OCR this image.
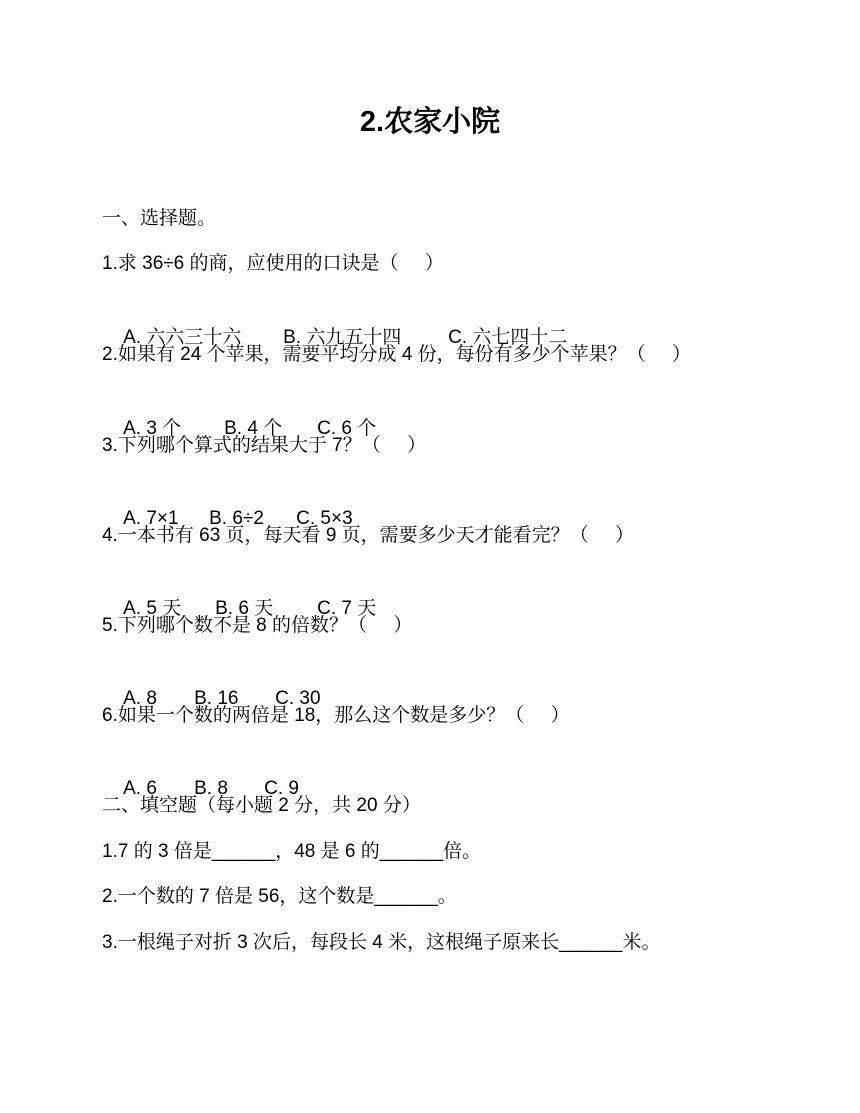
2.农家小院
一、选择题。
1.求 36÷6 的商，应使用的口诀是（     ）

A. 六六三十六 B. 六九五十四 C. 六七四十二

2.如果有 24 个苹果，需要平均分成 4 份，每份有多少个苹果？（     ）

A. 3 个 B. 4 个 C. 6 个

3.下列哪个算式的结果大于 7？（     ）

A. 7×1 B. 6÷2 C. 5×3

4.一本书有 63 页，每天看 9 页，需要多少天才能看完？（     ）

A. 5 天 B. 6 天 C. 7 天

5.下列哪个数不是 8 的倍数？（     ）

A. 8 B. 16 C. 30

6.如果一个数的两倍是 18，那么这个数是多少？（     ）

A. 6 B. 8 C. 9

二、填空题（每小题 2 分，共 20 分）
1.7 的 3 倍是______，48 是 6 的______倍。
2.一个数的 7 倍是 56，这个数是______。
3.一根绳子对折 3 次后，每段长 4 米，这根绳子原来长______米。
